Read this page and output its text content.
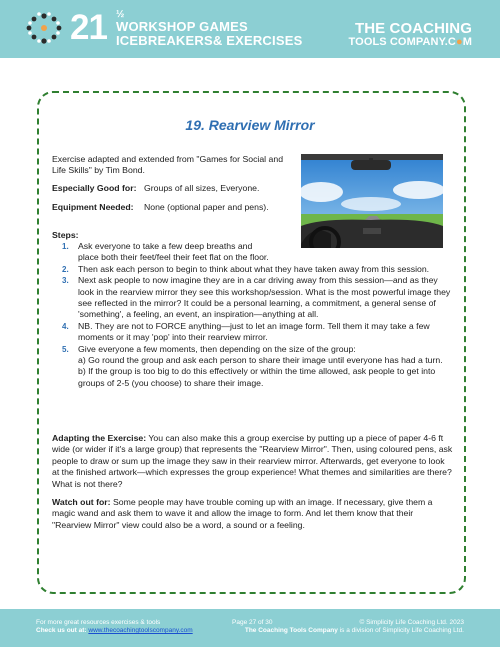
21 ½
WORKSHOP GAMES
ICEBREAKERS& EXERCISES
THE COACHING
TOOLS COMPANY.C●M
19. Rearview Mirror
Exercise adapted and extended from "Games for Social and Life Skills" by Tim Bond.
Especially Good for: Groups of all sizes, Everyone.
Equipment Needed: None (optional paper and pens).
Steps:
1. Ask everyone to take a few deep breaths and place both their feet/feel their feet flat on the floor.
2. Then ask each person to begin to think about what they have taken away from this session.
3. Next ask people to now imagine they are in a car driving away from this session—and as they look in the rearview mirror they see this workshop/session. What is the most powerful image they see reflected in the mirror? It could be a personal learning, a commitment, a general sense of 'something', a feeling, an event, an inspiration—anything at all.
4. NB. They are not to FORCE anything—just to let an image form. Tell them it may take a few moments or it may 'pop' into their rearview mirror.
5. Give everyone a few moments, then depending on the size of the group:
a) Go round the group and ask each person to share their image until everyone has had a turn.
b) If the group is too big to do this effectively or within the time allowed, ask people to get into groups of 2-5 (you choose) to share their image.
Adapting the Exercise: You can also make this a group exercise by putting up a piece of paper 4-6 ft wide (or wider if it's a large group) that represents the "Rearview Mirror". Then, using coloured pens, ask people to draw or sum up the image they saw in their rearview mirror. Afterwards, get everyone to look at the finished artwork—which expresses the group experience! What themes and similarities are there? What is not there?
Watch out for: Some people may have trouble coming up with an image. If necessary, give them a magic wand and ask them to wave it and allow the image to form. And let them know that their "Rearview Mirror" view could also be a word, a sound or a feeling.
For more great resources exercises & tools
Check us out at: www.thecoachingtoolscompany.com
Page 27 of 30	© Simplicity Life Coaching Ltd. 2023
The Coaching Tools Company is a division of Simplicity Life Coaching Ltd.
